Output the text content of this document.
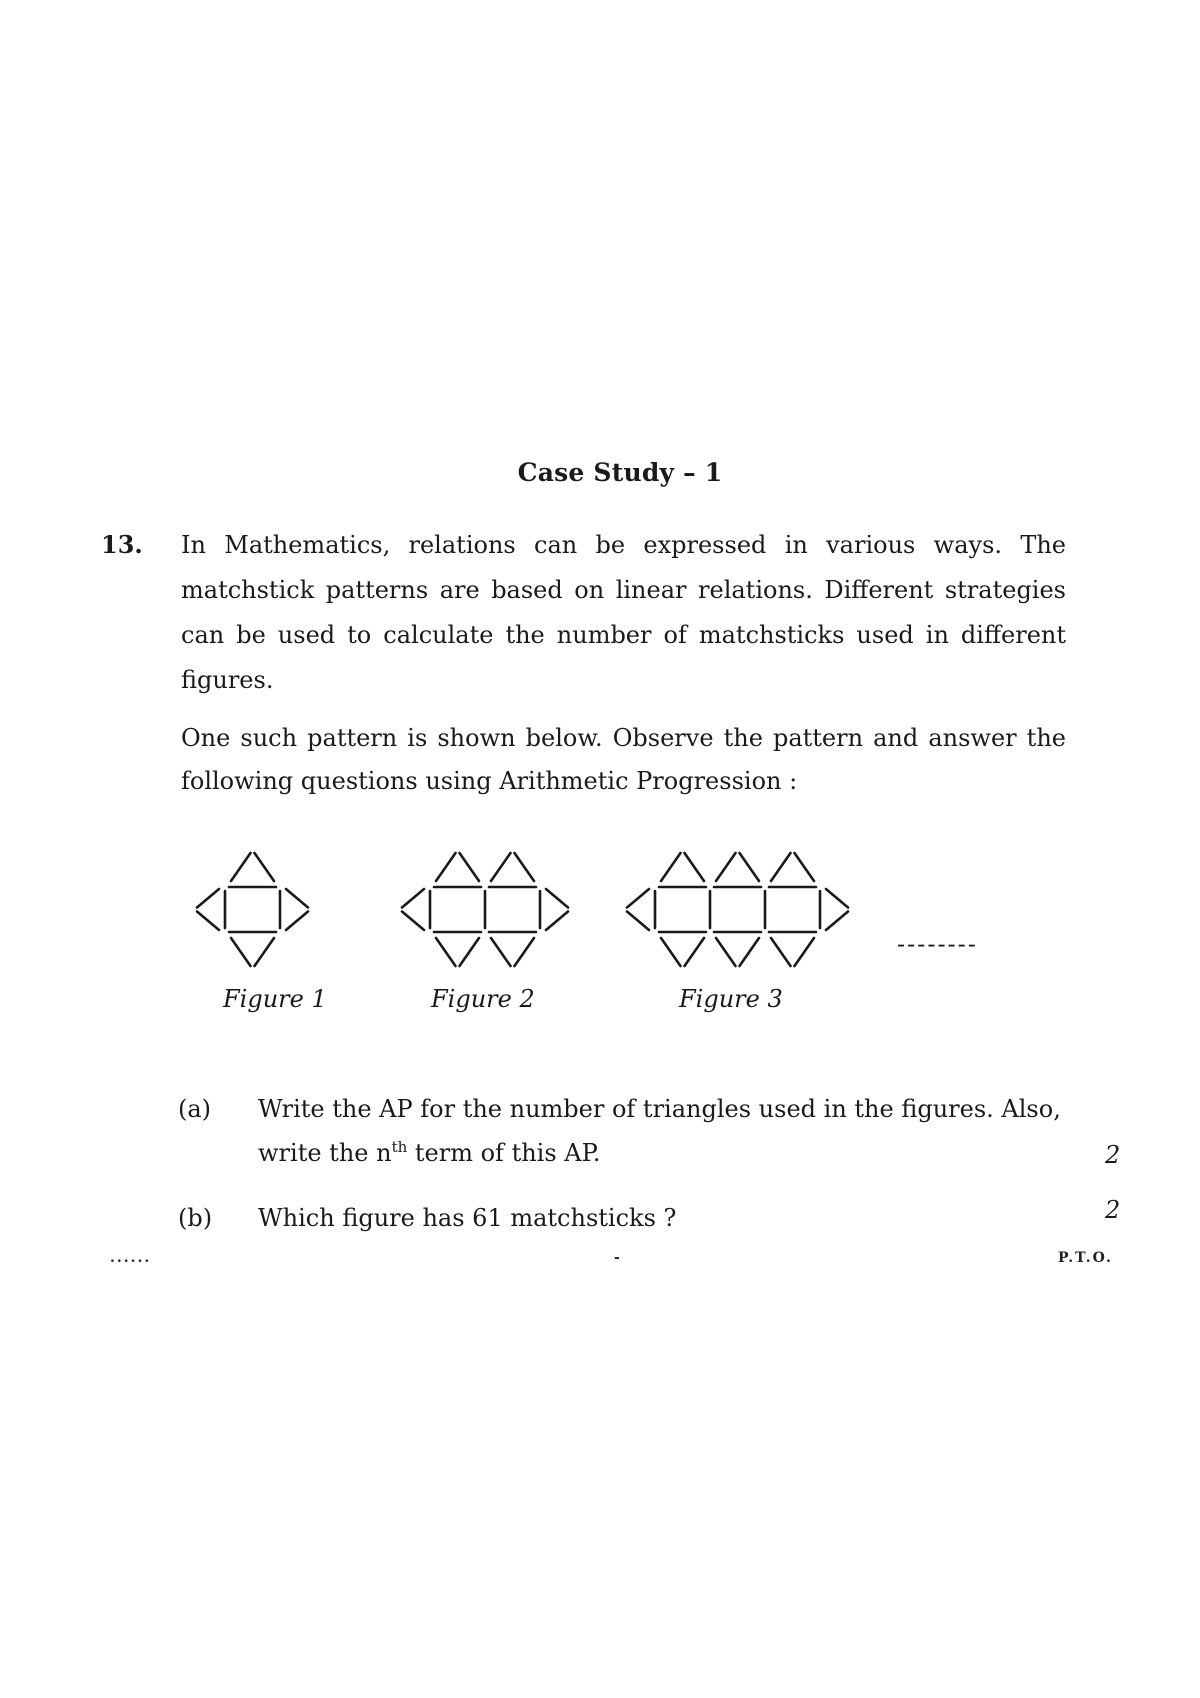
Case Study – 1
13. In Mathematics, relations can be expressed in various ways. The matchstick patterns are based on linear relations. Different strategies can be used to calculate the number of matchsticks used in different figures.
One such pattern is shown below. Observe the pattern and answer the following questions using Arithmetic Progression :
Figure 1	Figure 2	Figure 3
--------
(a) Write the AP for the number of triangles used in the figures. Also,
write the $n^{th}$ term of this AP.	2
(b) Which figure has 61 matchsticks ?	2
......	-	P.T.O.
